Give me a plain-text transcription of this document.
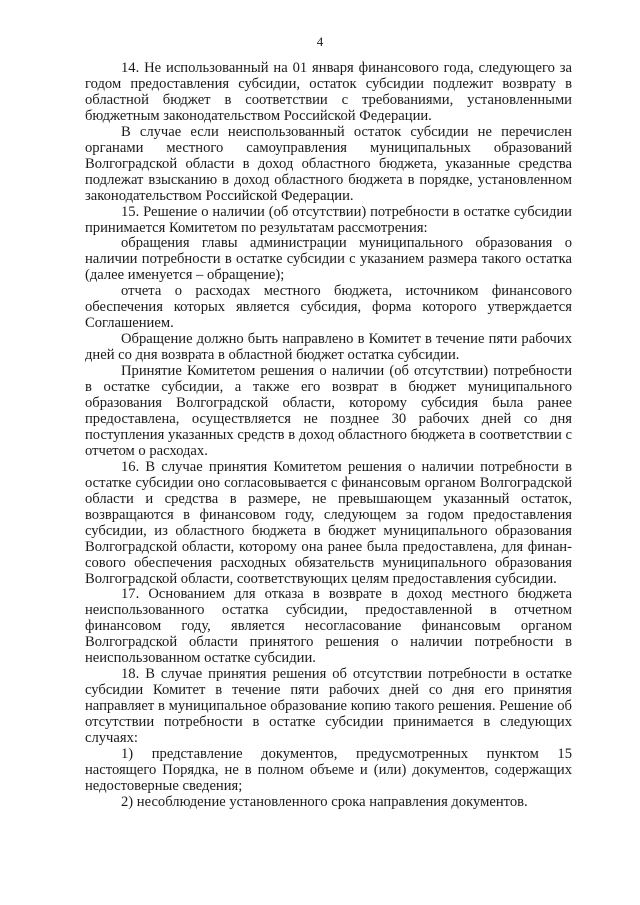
4

14. Не использованный на 01 января финансового года, следующего за годом предоставления субсидии, остаток субсидии подлежит возврату в областной бюджет в соответствии с требованиями, установленными бюджетным законодательством Российской Федерации.

В случае если неиспользованный остаток субсидии не перечислен органами местного самоуправления муниципальных образований Волгоградской области в доход областного бюджета, указанные средства подлежат взысканию в доход областного бюджета в порядке, установленном законодательством Российской Федерации.

15. Решение о наличии (об отсутствии) потребности в остатке субсидии принимается Комитетом по результатам рассмотрения:

обращения главы администрации муниципального образования о наличии потребности в остатке субсидии с указанием размера такого остатка (далее именуется – обращение);

отчета о расходах местного бюджета, источником финансового обеспечения которых является субсидия, форма которого утверждается Соглашением.

Обращение должно быть направлено в Комитет в течение пяти рабочих дней со дня возврата в областной бюджет остатка субсидии.

Принятие Комитетом решения о наличии (об отсутствии) потребности в остатке субсидии, а также его возврат в бюджет муниципального образования Волгоградской области, которому субсидия была ранее предоставлена, осуществляется не позднее 30 рабочих дней со дня поступления указанных средств в доход областного бюджета в соответствии с отчетом о расходах.

16. В случае принятия Комитетом решения о наличии потребности в остатке субсидии оно согласовывается с финансовым органом Волгоградской области и средства в размере, не превышающем указанный остаток, возвращаются в финансовом году, следующем за годом предоставления субсидии, из областного бюджета в бюджет муниципального образования Волгоградской области, которому она ранее была предоставлена, для финансового обеспечения расходных обязательств муниципального образования Волгоградской области, соответствующих целям предоставления субсидии.

17. Основанием для отказа в возврате в доход местного бюджета неиспользованного остатка субсидии, предоставленной в отчетном финансовом году, является несогласование финансовым органом Волгоградской области принятого решения о наличии потребности в неиспользованном остатке субсидии.

18. В случае принятия решения об отсутствии потребности в остатке субсидии Комитет в течение пяти рабочих дней со дня его принятия направляет в муниципальное образование копию такого решения. Решение об отсутствии потребности в остатке субсидии принимается в следующих случаях:

1) представление документов, предусмотренных пунктом 15 настоящего Порядка, не в полном объеме и (или) документов, содержащих недостоверные сведения;

2) несоблюдение установленного срока направления документов.
